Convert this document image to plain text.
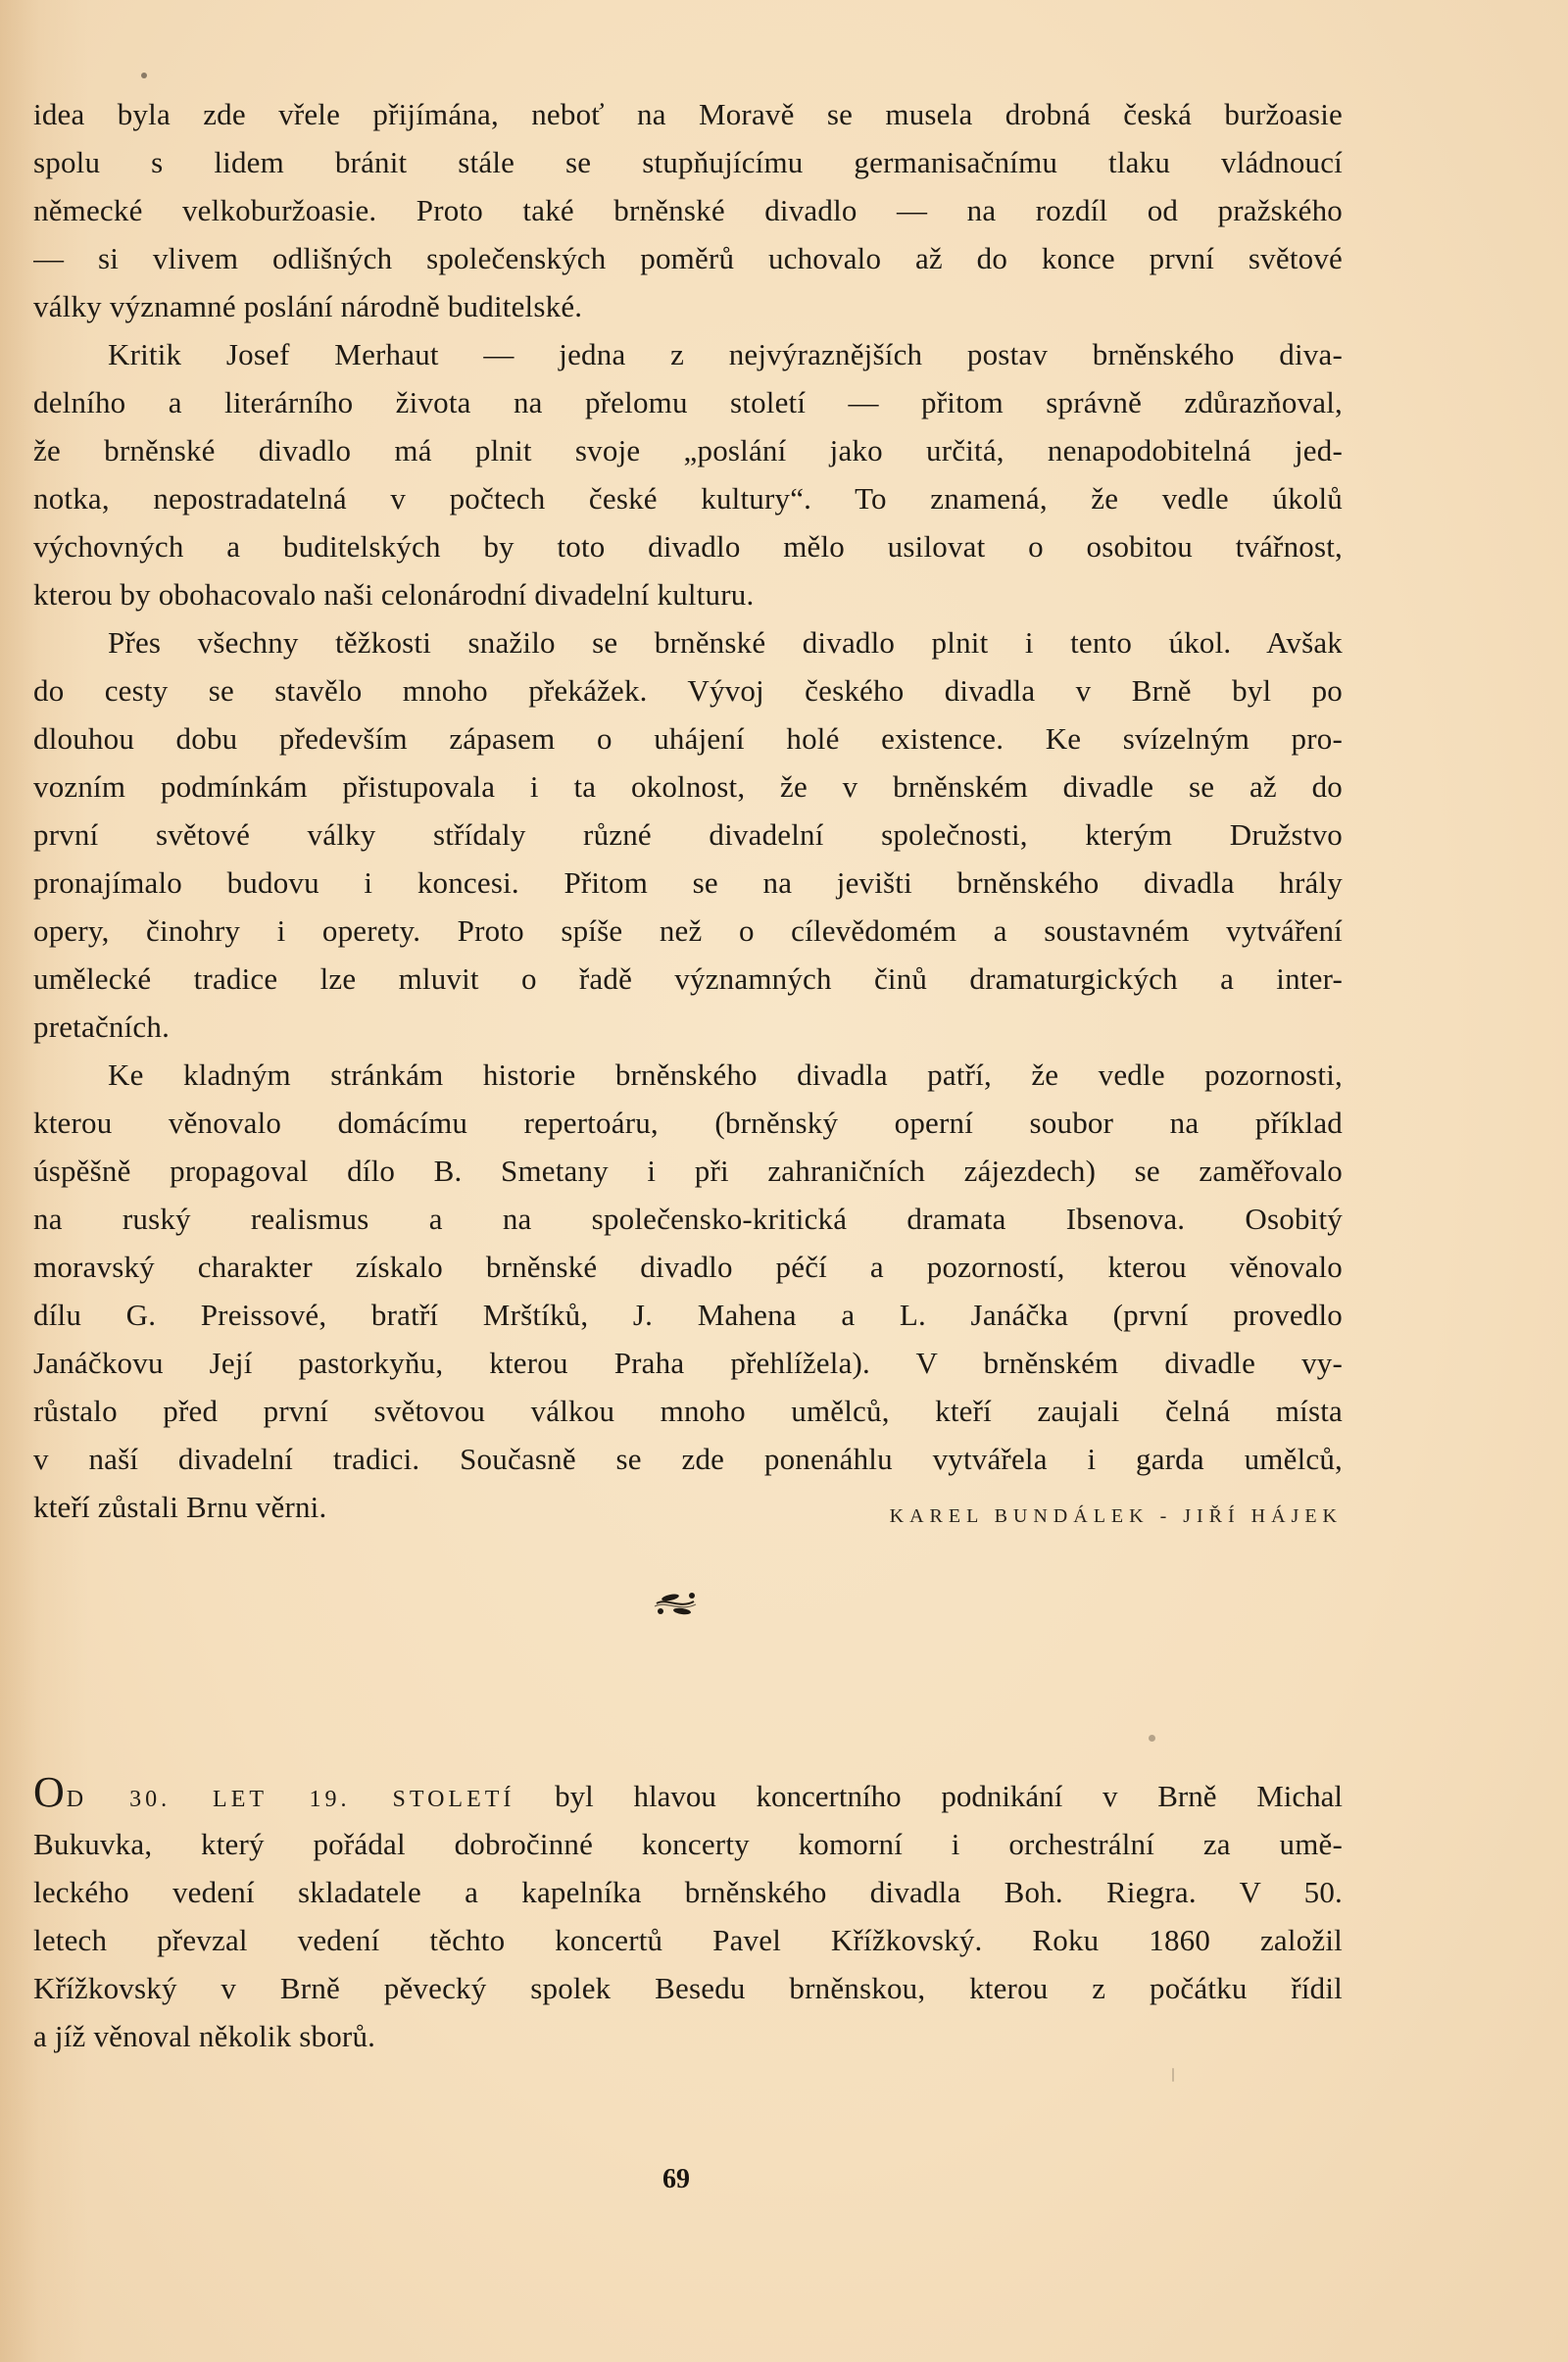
idea byla zde vřele přijímána, neboť na Moravě se musela drobná česká buržoasie
spolu s lidem bránit stále se stupňujícímu germanisačnímu tlaku vládnoucí
německé velkoburžoasie. Proto také brněnské divadlo — na rozdíl od pražského
— si vlivem odlišných společenských poměrů uchovalo až do konce první světové
války významné poslání národně buditelské.
Kritik Josef Merhaut — jedna z nejvýraznějších postav brněnského diva-
delního a literárního života na přelomu století — přitom správně zdůrazňoval,
že brněnské divadlo má plnit svoje „poslání jako určitá, nenapodobitelná jed-
notka, nepostradatelná v počtech české kultury“. To znamená, že vedle úkolů
výchovných a buditelských by toto divadlo mělo usilovat o osobitou tvářnost,
kterou by obohacovalo naši celonárodní divadelní kulturu.
Přes všechny těžkosti snažilo se brněnské divadlo plnit i tento úkol. Avšak
do cesty se stavělo mnoho překážek. Vývoj českého divadla v Brně byl po
dlouhou dobu především zápasem o uhájení holé existence. Ke svízelným pro-
vozním podmínkám přistupovala i ta okolnost, že v brněnském divadle se až do
první světové války střídaly různé divadelní společnosti, kterým Družstvo
pronajímalo budovu i koncesi. Přitom se na jevišti brněnského divadla hrály
opery, činohry i operety. Proto spíše než o cílevědomém a soustavném vytváření
umělecké tradice lze mluvit o řadě významných činů dramaturgických a inter-
pretačních.
Ke kladným stránkám historie brněnského divadla patří, že vedle pozornosti,
kterou věnovalo domácímu repertoáru, (brněnský operní soubor na příklad
úspěšně propagoval dílo B. Smetany i při zahraničních zájezdech) se zaměřovalo
na ruský realismus a na společensko-kritická dramata Ibsenova. Osobitý
moravský charakter získalo brněnské divadlo péčí a pozorností, kterou věnovalo
dílu G. Preissové, bratří Mrštíků, J. Mahena a L. Janáčka (první provedlo
Janáčkovu Její pastorkyňu, kterou Praha přehlížela). V brněnském divadle vy-
růstalo před první světovou válkou mnoho umělců, kteří zaujali čelná místa
v naší divadelní tradici. Současně se zde ponenáhlu vytvářela i garda umělců,
kteří zůstali Brnu věrni.	KAREL BUNDÁLEK - JIŘÍ HÁJEK
OD 30. LET 19. STOLETÍ byl hlavou koncertního podnikání v Brně Michal
Bukuvka, který pořádal dobročinné koncerty komorní i orchestrální za umě-
leckého vedení skladatele a kapelníka brněnského divadla Boh. Riegra. V 50.
letech převzal vedení těchto koncertů Pavel Křížkovský. Roku 1860 založil
Křížkovský v Brně pěvecký spolek Besedu brněnskou, kterou z počátku řídil
a jíž věnoval několik sborů.
69
